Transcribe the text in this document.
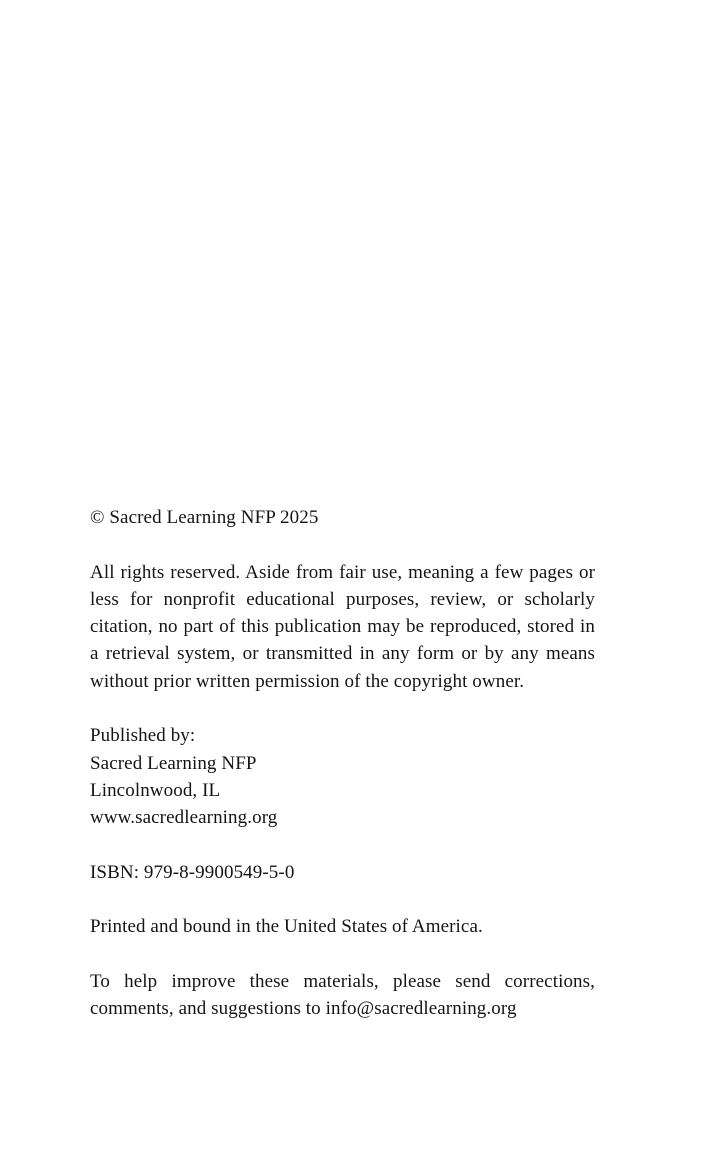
© Sacred Learning NFP 2025
All rights reserved. Aside from fair use, meaning a few pages or less for nonprofit educational purposes, review, or scholarly citation, no part of this publication may be reproduced, stored in a retrieval system, or transmitted in any form or by any means without prior written permission of the copyright owner.
Published by:
Sacred Learning NFP
Lincolnwood, IL
www.sacredlearning.org
ISBN: 979-8-9900549-5-0
Printed and bound in the United States of America.
To help improve these materials, please send corrections, comments, and suggestions to info@sacredlearning.org
